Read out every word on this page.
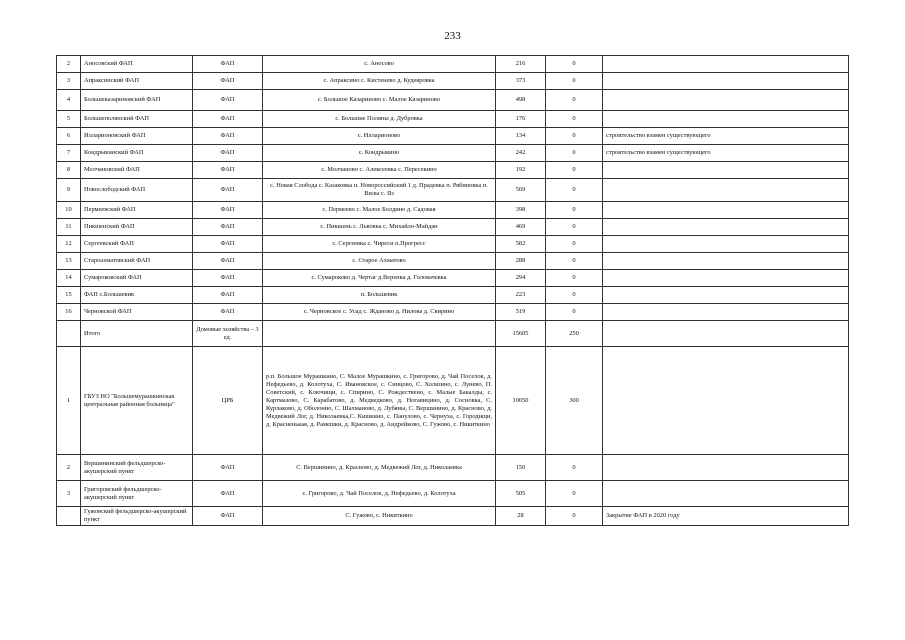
233
2	Аносовский ФАП	ФАП	с. Аносово	216	0	
3	Апраксинский ФАП	ФАП	с. Апраксино с. Кистенево д. Кудеяровка	373	0	
4	Большеказариновский ФАП	ФАП	с. Большое Казариново с. Малое Казариново	498	0	
5	Большеполянский ФАП	ФАП	с. Большие Поляны д. Дубровка	176	0	
6	Илларионовский ФАП	ФАП	с. Илларионово	134	0	строительство взамен существующего
7	Кондрыкинский ФАП	ФАП	с. Кондрыкино	242	0	строительство взамен существующего
8	Молчановский ФАП	ФАП	с. Молчаново с. Алексеевка с. Пересекино	192	0	
9	Новослободский ФАП	ФАП	с. Новая Слобода с. Казаковка п. Новороссийский 1 д. Прадевка п. Рябиновка п. Вилы с. Яз	569	0	
10	Пермеевский ФАП	ФАП	с. Пермеево с. Малое Болдино д. Садовая	398	0	
11	Пикшенский ФАП	ФАП	с. Пикшень с. Львовка с. Михайло-Майдан	469	0	
12	Сергеевский ФАП	ФАП	с. Сергеевка с. Чиреси п.Прогресс	582	0	
13	Староахматовский ФАП	ФАП	с. Старое Ахматово	288	0	
14	Сумароковский ФАП	ФАП	с. Сумароково д. Чертаг д.Веренка д. Головачевка	294	0	
15	ФАП с.Большевик	ФАП	п. Большевик	223	0	
16	Черновской ФАП	ФАП	с. Черновское с. Усад с. Жданово д. Нилова д. Свирино	519	0	
	Итого	Домовые хозяйства – 3 ед.		15605	250	
1	ГБУЗ НО "Большемурашкинская центральная районная больница"	ЦРБ	р.п. Большое Мурашкино, С. Малое Мурашкино, с. Григорово, д. Чай Поселок, д. Нефедьево, д. Колотуха, С. Ивановское, с. Синцово, С. Холязино, с. Лунево, П. Советский, с. Ключищи, с. Спирино, С. Рождествено, с. Малые Бакалды, с. Картмазово, С. Карабатово, д. Медведково, д. Ногавицино, д. Сосновка, С. Курлаково, д. Оболонно, С. Шахманово, д. Лубяны, С. Вершинино, д. Красново, д. Медвежий Лог, д. Николаевка,С. Кишкино, с. Панулово, с. Чернуха, с. Городищи, д. Красненькая, д. Рамешки, д. Красново, д. Андрейково, С. Гужово, с. Никиткино	10050	300	
2	Вершининский фельдшерско-акушерский пункт	ФАП	С. Вершинино, д. Красново, д. Медвежий Лог, д. Николаевка	150	0	
3	Григоровский фельдшерско-акушерский пункт	ФАП	с. Григорово, д. Чай Поселок, д. Нефедьево, д. Колотуха	505	0	
	Гужовский фельдшерско-акушерский пункт	ФАП	С. Гужово, с. Никиткино	28	0	Закрытие ФАП в 2020 году
